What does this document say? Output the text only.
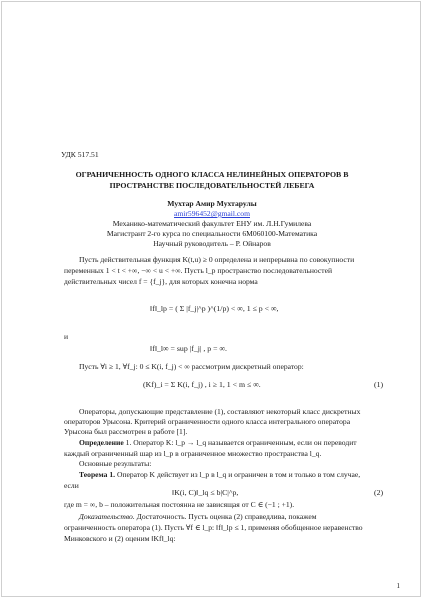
УДК 517.51
ОГРАНИЧЕННОСТЬ ОДНОГО КЛАССА НЕЛИНЕЙНЫХ ОПЕРАТОРОВ В
ПРОСТРАНСТВЕ ПОСЛЕДОВАТЕЛЬНОСТЕЙ ЛЕБЕГА
Мухтар Амир Мухтарулы
amir596452@gmail.com
Механико-математический факультет ЕНУ им. Л.Н.Гумилева
Магистрант 2-го курса по специальности 6М060100-Математика
Научный руководитель – Р. Ойнаров
Пусть действительная функция K(t,u) ≥ 0 определена и непрерывна по совокупности
переменных 1 < t < +∞, −∞ < u < +∞. Пусть l_p пространство последовательностей
действительных чисел f = {f_j}, для которых конечна норма
‖f‖_lp = ( Σ |f_j|^p )^(1/p) < ∞, 1 ≤ p < ∞,
и
‖f‖_l∞ = sup |f_j| , p = ∞.
Пусть ∀i ≥ 1, ∀f_j: 0 ≤ K(i, f_j) < ∞ рассмотрим дискретный оператор:
(Kf)_i = Σ K(i, f_j) , i ≥ 1, 1 < m ≤ ∞.	(1)
Операторы, допускающие представление (1), составляют некоторый класс дискретных
операторов Урысона. Критерий ограниченности одного класса интегрального оператора
Урысона был рассмотрен в работе [1].
Определение 1. Оператор K: l_p → l_q называется ограниченным, если он переводит
каждый ограниченный шар из l_p в ограниченное множество пространства l_q.
Основные результаты:
Теорема 1. Оператор K действует из l_p в l_q и ограничен в том и только в том случае,
если
‖K(i, C)‖_lq ≤ b|C|^p,	(2)
где m = ∞, b – положительная постоянна не зависящая от C ∈ (−1 ; +1).
Доказательство. Достаточность. Пусть оценка (2) справедлива, покажем
ограниченность оператора (1). Пусть ∀f ∈ l_p: ‖f‖_lp ≤ 1, применяя обобщенное неравенство
Минковского и (2) оценим ‖Kf‖_lq:
1
